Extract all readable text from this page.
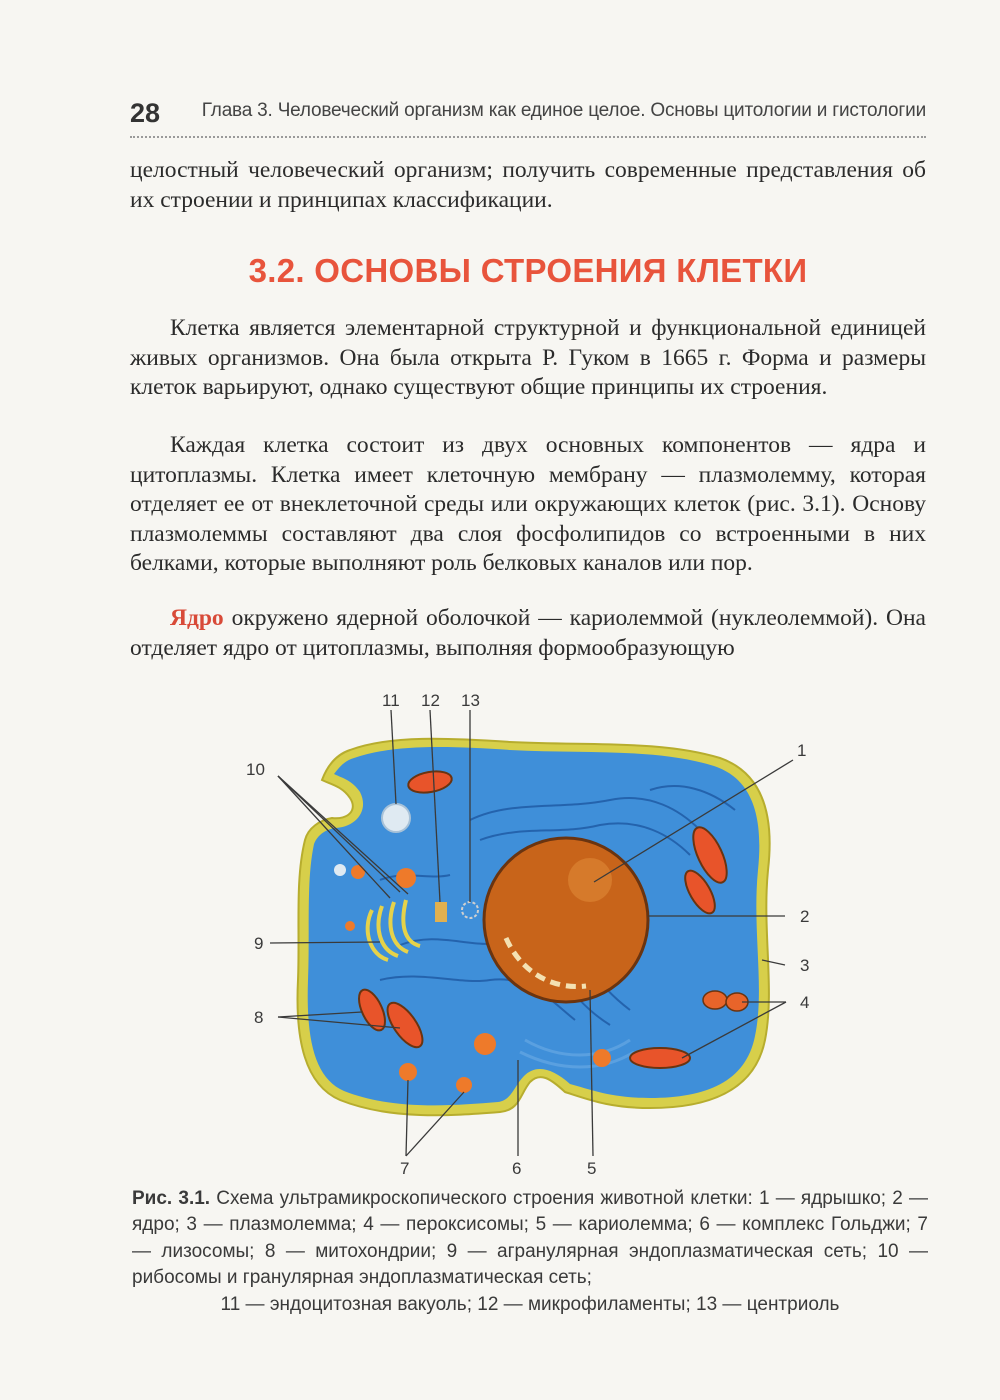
28 Глава 3. Человеческий организм как единое целое. Основы цитологии и гистологии

целостный человеческий организм; получить современные представления об их строении и принципах классификации.

3.2. ОСНОВЫ СТРОЕНИЯ КЛЕТКИ

Клетка является элементарной структурной и функциональной единицей живых организмов. Она была открыта Р. Гуком в 1665 г. Форма и размеры клеток варьируют, однако существуют общие принципы их строения.

Каждая клетка состоит из двух основных компонентов — ядра и цитоплазмы. Клетка имеет клеточную мембрану — плазмолемму, которая отделяет ее от внеклеточной среды или окружающих клеток (рис. 3.1). Основу плазмолеммы составляют два слоя фосфолипидов со встроенными в них белками, которые выполняют роль белковых каналов или пор.

Ядро окружено ядерной оболочкой — кариолеммой (нуклеолеммой). Она отделяет ядро от цитоплазмы, выполняя формообразующую

11 12 13
10
9
8
7	6	5
1
2
3
4
Рис. 3.1. Схема ультрамикроскопического строения животной клетки: 1 — ядрышко; 2 — ядро; 3 — плазмолемма; 4 — пероксисомы; 5 — кариолемма; 6 — комплекс Гольджи; 7 — лизосомы; 8 — митохондрии; 9 — агранулярная эндоплазматическая сеть; 10 — рибосомы и гранулярная эндоплазматическая сеть;
11 — эндоцитозная вакуоль; 12 — микрофиламенты; 13 — центриоль
